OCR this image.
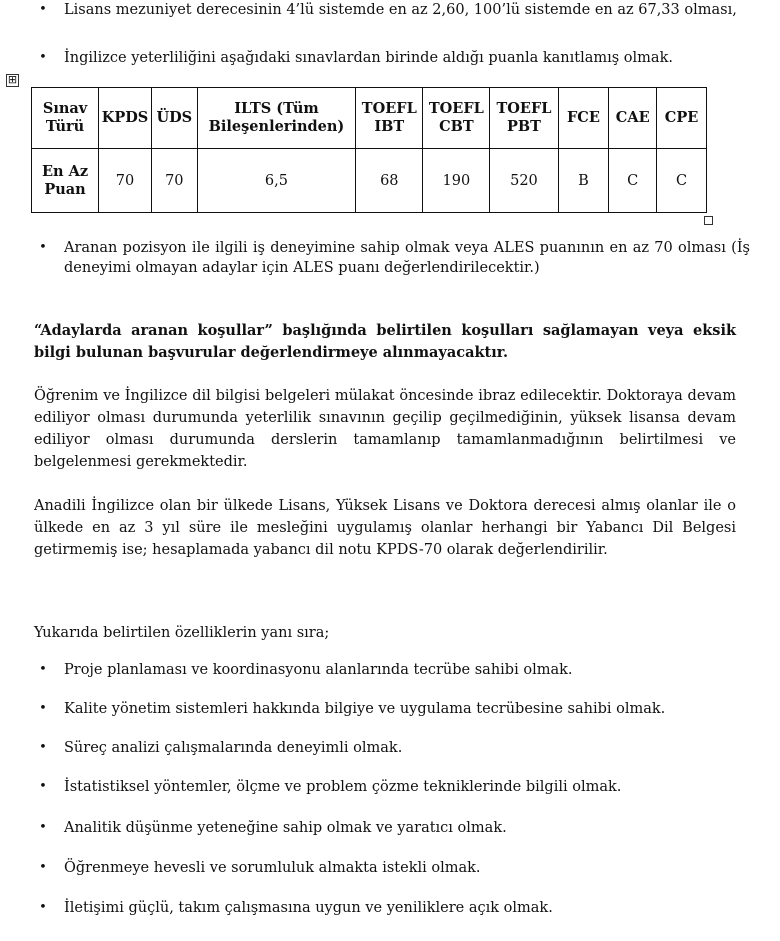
•	Lisans mezuniyet derecesinin 4’lü sistemde en az 2,60, 100’lü sistemde en az 67,33 olması,
•	İngilizce yeterliliğini aşağıdaki sınavlardan birinde aldığı puanla kanıtlamış olmak.
⊞
Sınav Türü	KPDS	ÜDS	ILTS (Tüm Bileşenlerinden)	TOEFL IBT	TOEFL CBT	TOEFL PBT	FCE	CAE	CPE
En Az Puan	70	70	6,5	68	190	520	B	C	C
•	Aranan pozisyon ile ilgili iş deneyimine sahip olmak veya ALES puanının en az 70 olması (İş deneyimi olmayan adaylar için ALES puanı değerlendirilecektir.)
“Adaylarda aranan koşullar” başlığında belirtilen koşulları sağlamayan veya eksik bilgi bulunan başvurular değerlendirmeye alınmayacaktır.
Öğrenim ve İngilizce dil bilgisi belgeleri mülakat öncesinde ibraz edilecektir. Doktoraya devam ediliyor olması durumunda yeterlilik sınavının geçilip geçilmediğinin, yüksek lisansa devam ediliyor olması durumunda derslerin tamamlanıp tamamlanmadığının belirtilmesi ve belgelenmesi gerekmektedir.
Anadili İngilizce olan bir ülkede Lisans, Yüksek Lisans ve Doktora derecesi almış olanlar ile o ülkede en az 3 yıl süre ile mesleğini uygulamış olanlar herhangi bir Yabancı Dil Belgesi getirmemiş ise; hesaplamada yabancı dil notu KPDS-70 olarak değerlendirilir.
Yukarıda belirtilen özelliklerin yanı sıra;
•	Proje planlaması ve koordinasyonu alanlarında tecrübe sahibi olmak.
•	Kalite yönetim sistemleri hakkında bilgiye ve uygulama tecrübesine sahibi olmak.
•	Süreç analizi çalışmalarında deneyimli olmak.
•	İstatistiksel yöntemler, ölçme ve problem çözme tekniklerinde bilgili olmak.
•	Analitik düşünme yeteneğine sahip olmak ve yaratıcı olmak.
•	Öğrenmeye hevesli ve sorumluluk almakta istekli olmak.
•	İletişimi güçlü, takım çalışmasına uygun ve yeniliklere açık olmak.
